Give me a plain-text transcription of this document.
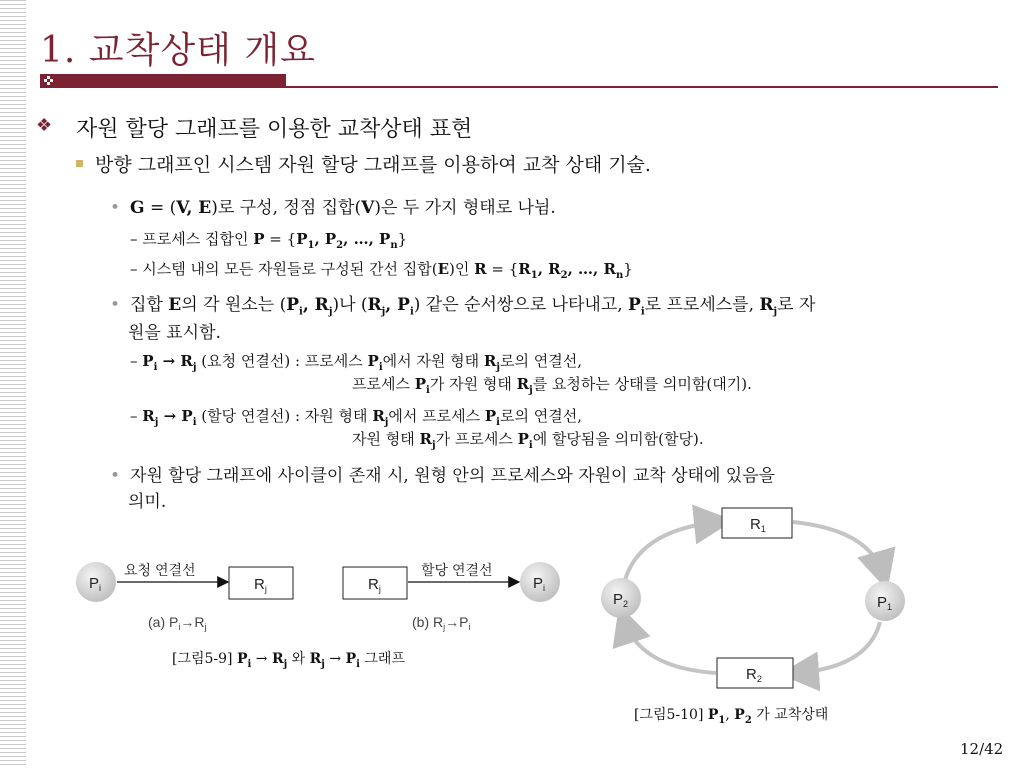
1. 교착상태 개요
❖ 자원 할당 그래프를 이용한 교착상태 표현
방향 그래프인 시스템 자원 할당 그래프를 이용하여 교착 상태 기술.
• G = (V, E)로 구성, 정점 집합(V)은 두 가지 형태로 나뉨.
– 프로세스 집합인 $P = \{P_1$, $P_2$, …, $P_n$}
– 시스템 내의 모든 자원들로 구성된 간선 집합(E)인 $R = \{R_1$, $R_2$, …, $R_n$}
• 집합 E의 각 원소는 ($P_i$, $R_j$)나 ($R_j$, $P_i$) 같은 순서쌍으로 나타내고, $P_i$로 프로세스를, $R_j$로 자
원을 표시함.
– $P_i \to R_j$ (요청 연결선) : 프로세스 $P_i$에서 자원 형태 $R_j$로의 연결선,
프로세스 $P_i$가 자원 형태 $R_j$를 요청하는 상태를 의미함(대기).
– $R_j \to P_i$ (할당 연결선) : 자원 형태 $R_j$에서 프로세스 $P_i$로의 연결선,
자원 형태 $R_j$가 프로세스 $P_i$에 할당됨을 의미함(할당).
• 자원 할당 그래프에 사이클이 존재 시, 원형 안의 프로세스와 자원이 교착 상태에 있음을
의미.
$P_i$
요청 연결선
$R_j$
(a) $P_i\to R_j$
$R_j$
할당 연결선
$P_i$
(b) $R_j\to P_i$
$R_1$
$R_2$
$P_2$	$P_1$
[그림5-9] $P_i \to R_j$ 와 $R_j \to P_i$ 그래프
[그림5-10] $P_1$, $P_2$ 가 교착상태
12/42
